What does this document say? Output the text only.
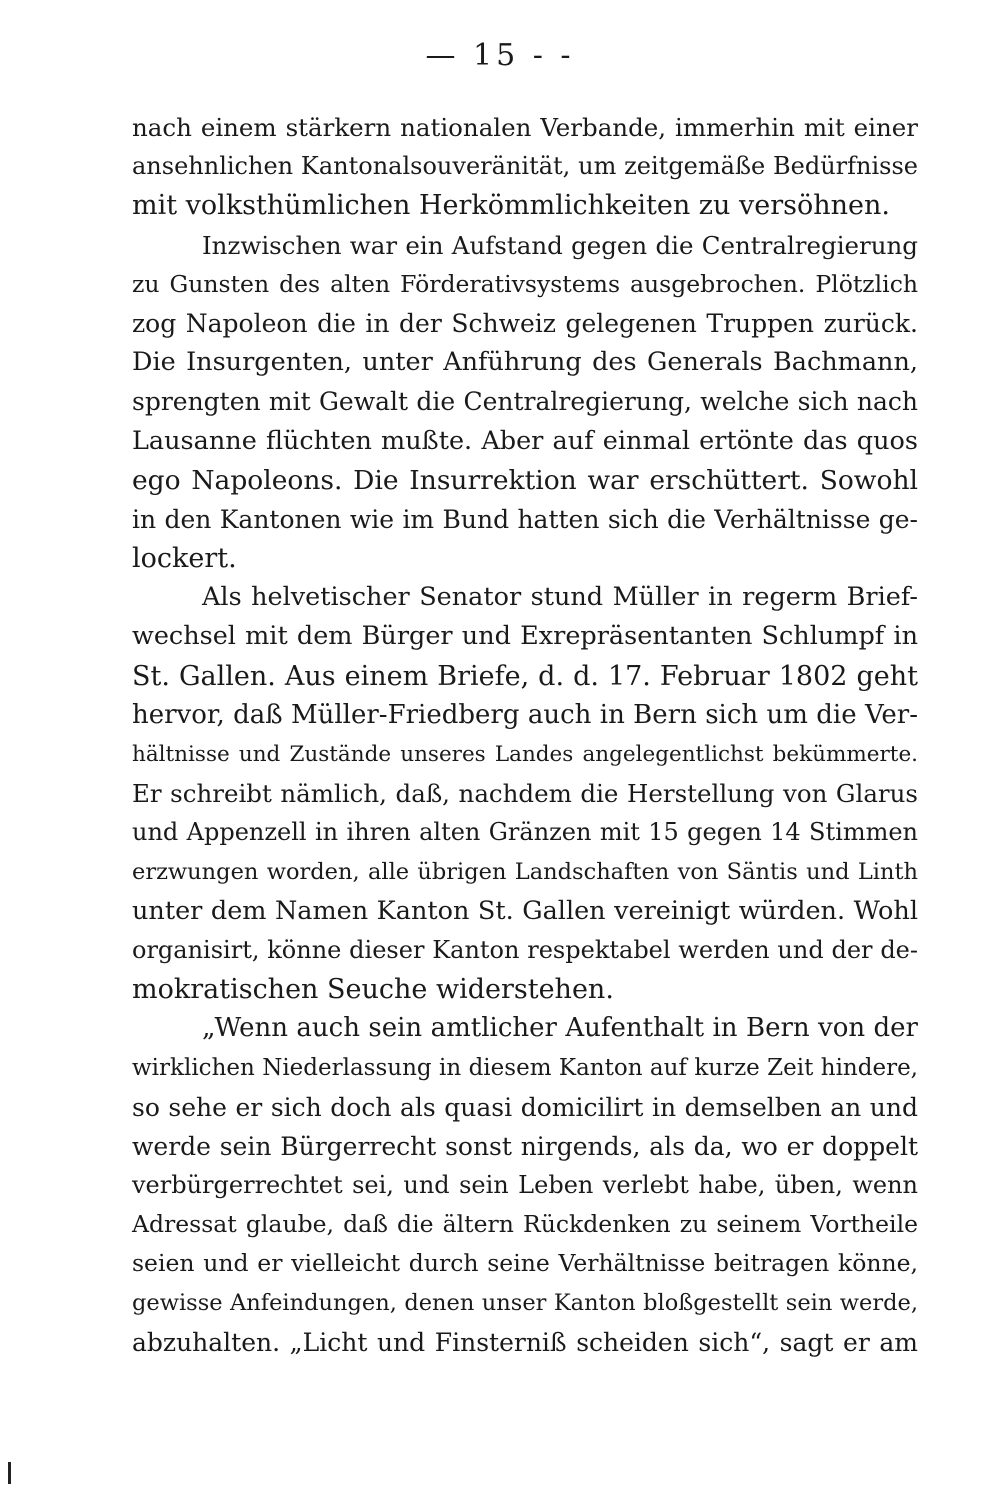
— 15 - -
nach einem stärkern nationalen Verbande, immerhin mit einer
ansehnlichen Kantonalsouveränität, um zeitgemäße Bedürfnisse
mit volksthümlichen Herkömmlichkeiten zu versöhnen.
Inzwischen war ein Aufstand gegen die Centralregierung
zu Gunsten des alten Förderativsystems ausgebrochen. Plötzlich
zog Napoleon die in der Schweiz gelegenen Truppen zurück.
Die Insurgenten, unter Anführung des Generals Bachmann,
sprengten mit Gewalt die Centralregierung, welche sich nach
Lausanne flüchten mußte. Aber auf einmal ertönte das quos
ego Napoleons. Die Insurrektion war erschüttert. Sowohl
in den Kantonen wie im Bund hatten sich die Verhältnisse ge-
lockert.
Als helvetischer Senator stund Müller in regerm Brief-
wechsel mit dem Bürger und Exrepräsentanten Schlumpf in
St. Gallen. Aus einem Briefe, d. d. 17. Februar 1802 geht
hervor, daß Müller-Friedberg auch in Bern sich um die Ver-
hältnisse und Zustände unseres Landes angelegentlichst bekümmerte.
Er schreibt nämlich, daß, nachdem die Herstellung von Glarus
und Appenzell in ihren alten Gränzen mit 15 gegen 14 Stimmen
erzwungen worden, alle übrigen Landschaften von Säntis und Linth
unter dem Namen Kanton St. Gallen vereinigt würden. Wohl
organisirt, könne dieser Kanton respektabel werden und der de-
mokratischen Seuche widerstehen.
„Wenn auch sein amtlicher Aufenthalt in Bern von der
wirklichen Niederlassung in diesem Kanton auf kurze Zeit hindere,
so sehe er sich doch als quasi domicilirt in demselben an und
werde sein Bürgerrecht sonst nirgends, als da, wo er doppelt
verbürgerrechtet sei, und sein Leben verlebt habe, üben, wenn
Adressat glaube, daß die ältern Rückdenken zu seinem Vortheile
seien und er vielleicht durch seine Verhältnisse beitragen könne,
gewisse Anfeindungen, denen unser Kanton bloßgestellt sein werde,
abzuhalten. „Licht und Finsterniß scheiden sich“, sagt er am
